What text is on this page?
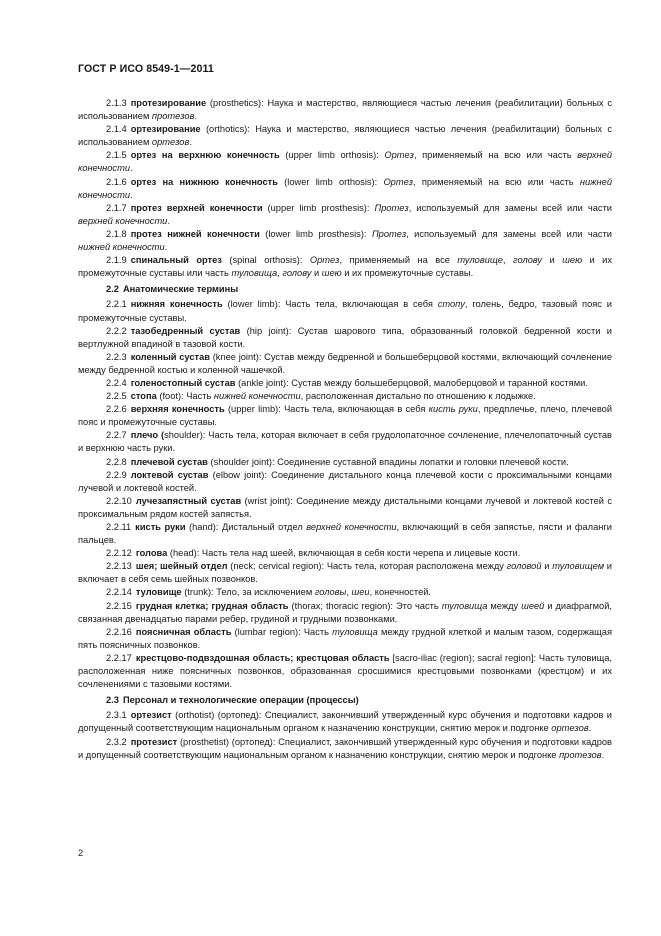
ГОСТ Р ИСО 8549-1—2011

2.1.3 протезирование (prosthetics): Наука и мастерство, являющиеся частью лечения (реабилитации) больных с использованием протезов.

2.1.4 ортезирование (orthotics): Наука и мастерство, являющиеся частью лечения (реабилитации) больных с использованием ортезов.

2.1.5 ортез на верхнюю конечность (upper limb orthosis): Ортез, применяемый на всю или часть верхней конечности.

2.1.6 ортез на нижнюю конечность (lower limb orthosis): Ортез, применяемый на всю или часть нижней конечности.

2.1.7 протез верхней конечности (upper limb prosthesis): Протез, используемый для замены всей или части верхней конечности.

2.1.8 протез нижней конечности (lower limb prosthesis): Протез, используемый для замены всей или части нижней конечности.

2.1.9 спинальный ортез (spinal orthosis): Ортез, применяемый на все туловище, голову и шею и их промежуточные суставы или часть туловища, голову и шею и их промежуточные суставы.

2.2 Анатомические термины

2.2.1 нижняя конечность (lower limb): Часть тела, включающая в себя стопу, голень, бедро, тазовый пояс и промежуточные суставы.

2.2.2 тазобедренный сустав (hip joint): Сустав шарового типа, образованный головкой бедренной кости и вертлужной впадиной в тазовой кости.

2.2.3 коленный сустав (knee joint): Сустав между бедренной и большеберцовой костями, включающий сочленение между бедренной костью и коленной чашечкой.

2.2.4 голеностопный сустав (ankle joint): Сустав между большеберцовой, малоберцовой и таранной костями.

2.2.5 стопа (foot): Часть нижней конечности, расположенная дистально по отношению к лодыжке.

2.2.6 верхняя конечность (upper limb): Часть тела, включающая в себя кисть руки, предплечье, плечо, плечевой пояс и промежуточные суставы.

2.2.7 плечо (shoulder): Часть тела, которая включает в себя грудолопаточное сочленение, плечелопаточный сустав и верхнюю часть руки.

2.2.8 плечевой сустав (shoulder joint): Соединение суставной впадины лопатки и головки плечевой кости.

2.2.9 локтевой сустав (elbow joint): Соединение дистального конца плечевой кости с проксимальными концами лучевой и локтевой костей.

2.2.10 лучезапястный сустав (wrist joint): Соединение между дистальными концами лучевой и локтевой костей с проксимальным рядом костей запястья.

2.2.11 кисть руки (hand): Дистальный отдел верхней конечности, включающий в себя запястье, пясти и фаланги пальцев.

2.2.12 голова (head): Часть тела над шеей, включающая в себя кости черепа и лицевые кости.

2.2.13 шея; шейный отдел (neck; cervical region): Часть тела, которая расположена между головой и туловищем и включает в себя семь шейных позвонков.

2.2.14 туловище (trunk): Тело, за исключением головы, шеи, конечностей.

2.2.15 грудная клетка; грудная область (thorax; thoracic region): Это часть туловища между шеей и диафрагмой, связанная двенадцатью парами ребер, грудиной и грудными позвонками.

2.2.16 поясничная область (lumbar region): Часть туловища между грудной клеткой и малым тазом, содержащая пять поясничных позвонков.

2.2.17 крестцово-подвздошная область; крестцовая область [sacro-iliac (region); sacral region]: Часть туловища, расположенная ниже поясничных позвонков, образованная сросшимися крестцовыми позвонками (крестцом) и их сочленениями с тазовыми костями.

2.3 Персонал и технологические операции (процессы)

2.3.1 ортезист (orthotist) (ортопед): Специалист, закончивший утвержденный курс обучения и подготовки кадров и допущенный соответствующим национальным органом к назначению конструкции, снятию мерок и подгонке ортезов.

2.3.2 протезист (prosthetist) (ортопед): Специалист, закончивший утвержденный курс обучения и подготовки кадров и допущенный соответствующим национальным органом к назначению конструкции, снятию мерок и подгонке протезов.

2
